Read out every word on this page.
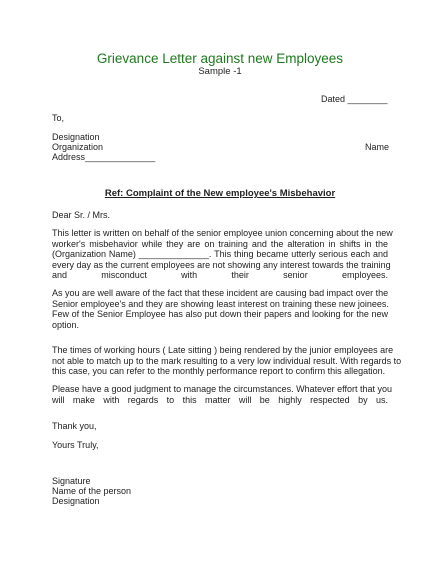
Grievance Letter against new Employees
Sample -1
Dated ________
To,
Designation
Organization	Name
Address______________
Ref: Complaint of the New employee's Misbehavior
Dear Sr. / Mrs.
This letter is written on behalf of the senior employee union concerning about the new
worker's misbehavior while they are on training and the alteration in shifts in the
(Organization Name) ______________. This thing became utterly serious each and
every day as the current employees are not showing any interest towards the training
and misconduct with their senior employees.
As you are well aware of the fact that these incident are causing bad impact over the
Senior employee's and they are showing least interest on training these new joinees.
Few of the Senior Employee has also put down their papers and looking for the new
option.
The times of working hours ( Late sitting ) being rendered by the junior employees are
not able to match up to the mark resulting to a very low individual result. With regards to
this case, you can refer to the monthly performance report to confirm this allegation.
Please have a good judgment to manage the circumstances. Whatever effort that you
will make with regards to this matter will be highly respected by us.
Thank you,
Yours Truly,
Signature
Name of the person
Designation
